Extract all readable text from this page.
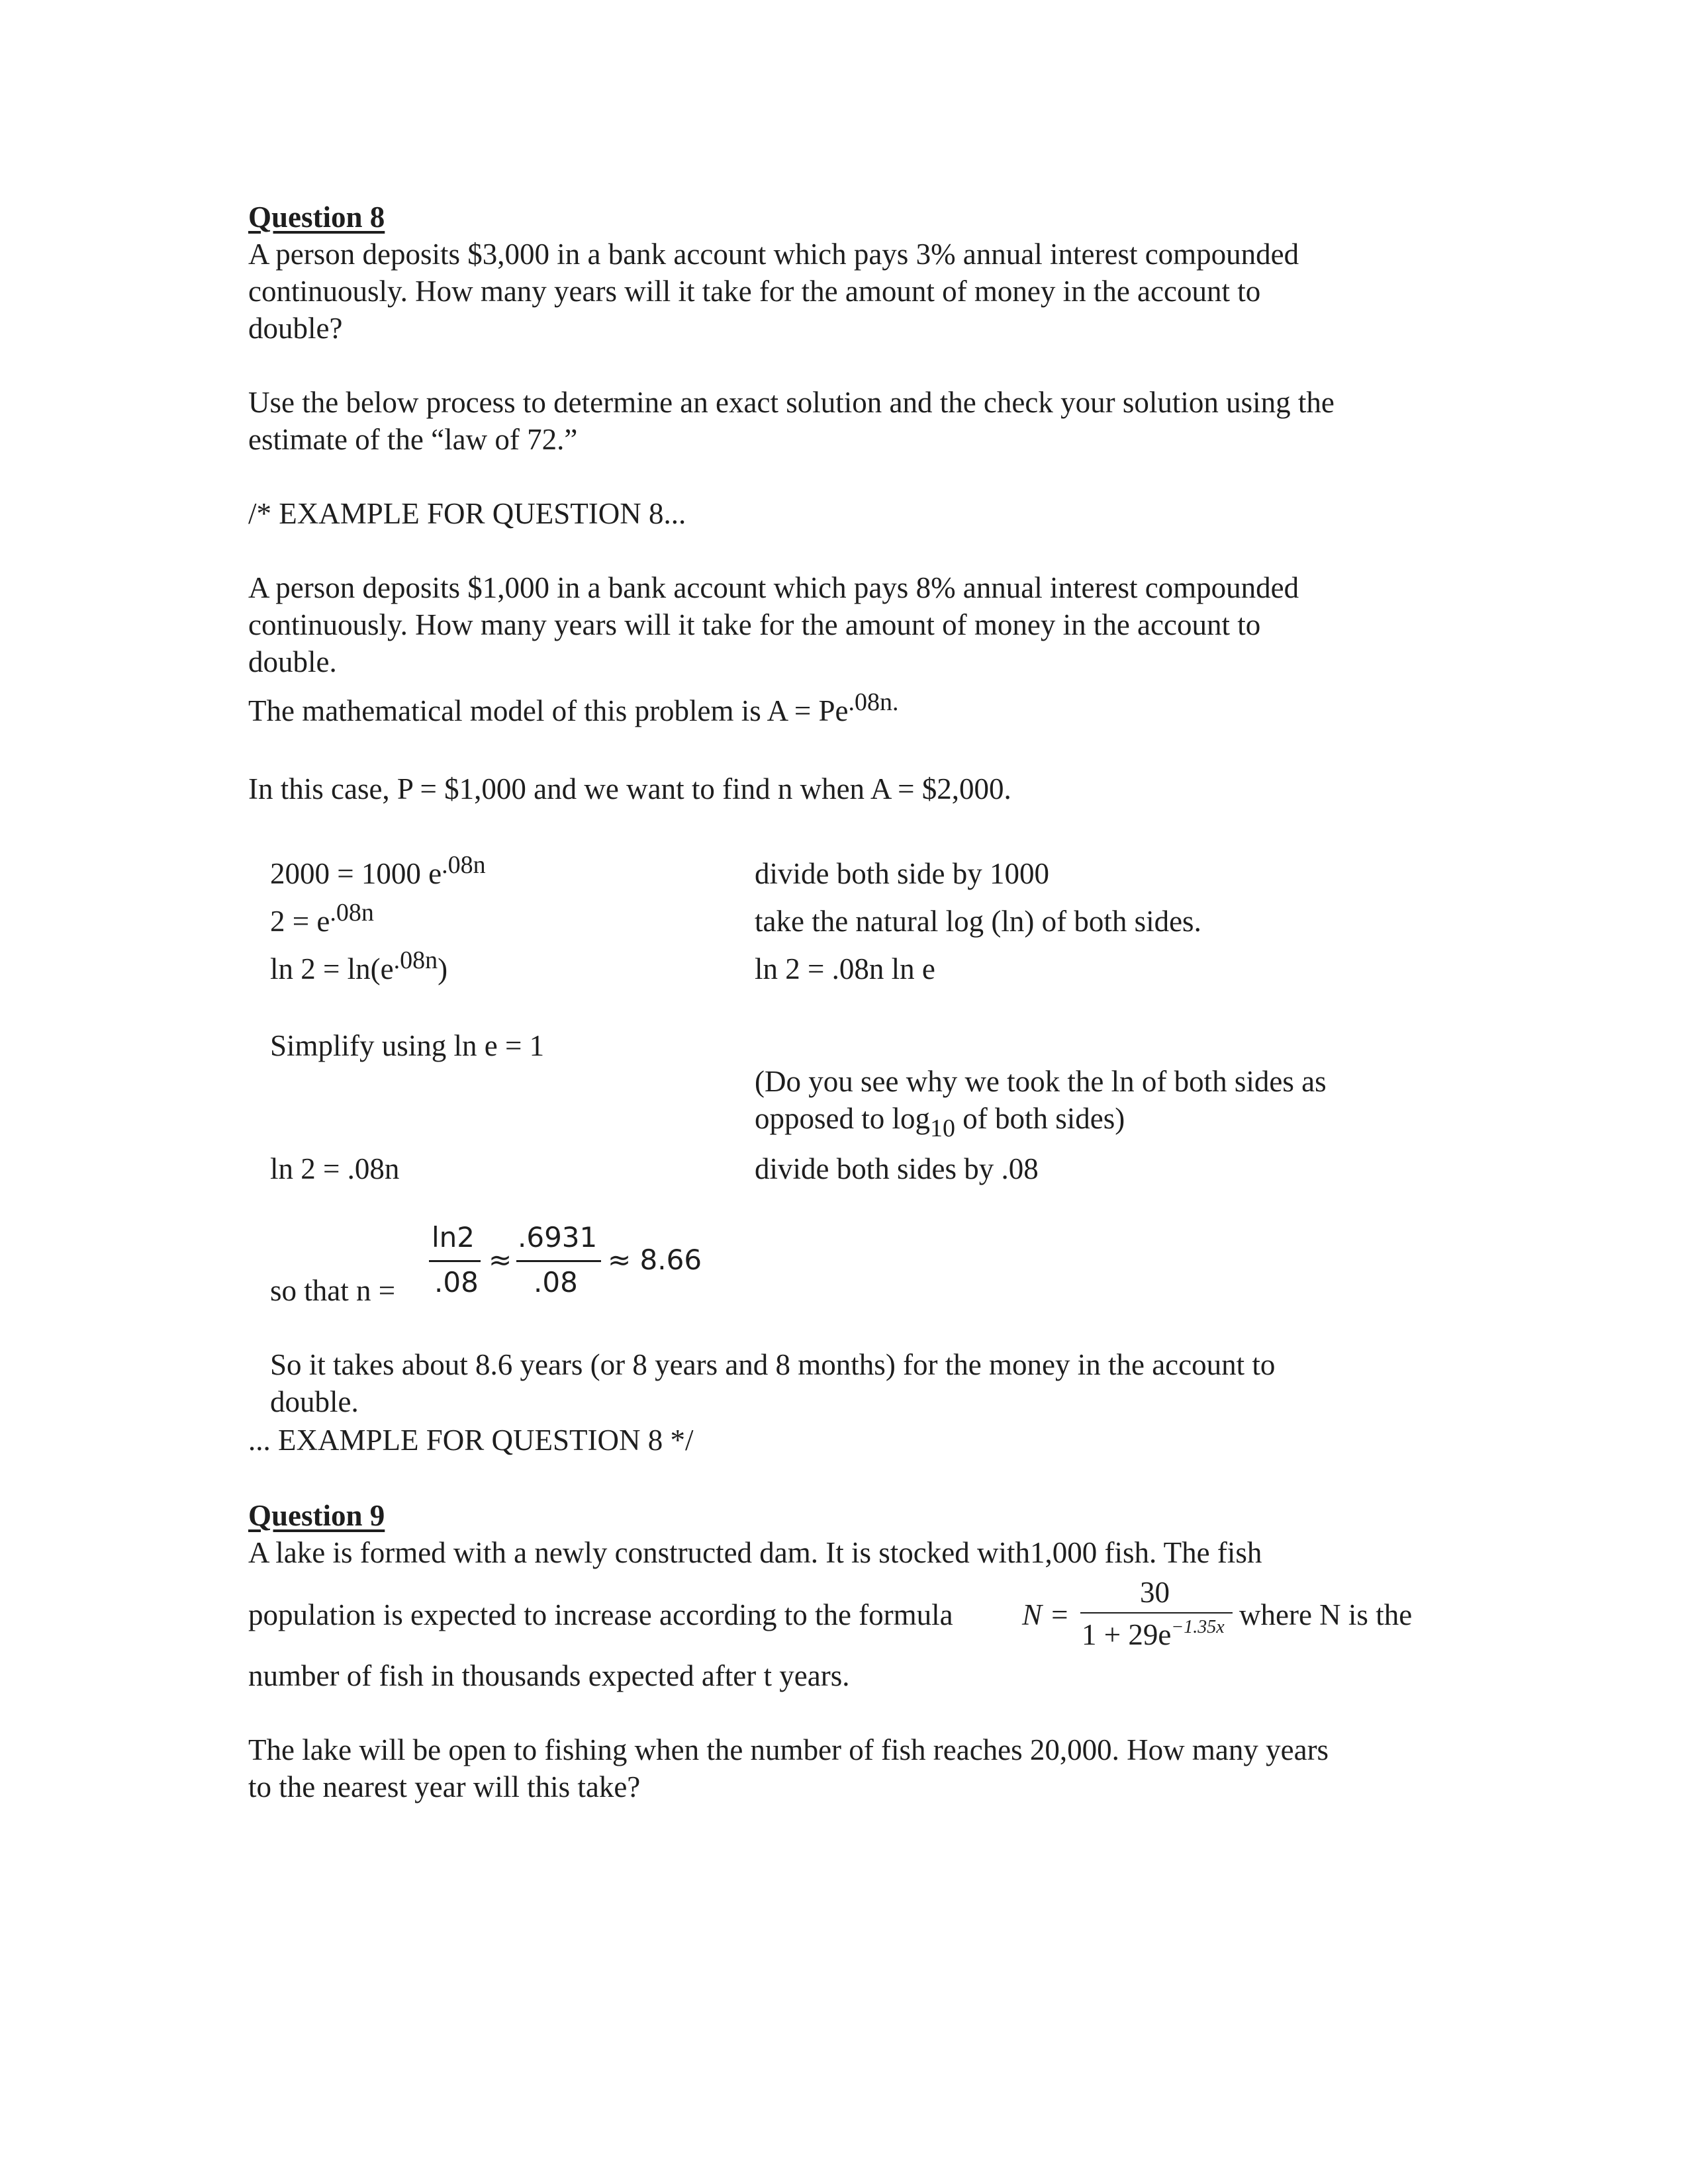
Question 8
A person deposits $3,000 in a bank account which pays 3% annual interest compounded
continuously. How many years will it take for the amount of money in the account to
double?
Use the below process to determine an exact solution and the check your solution using the
estimate of the “law of 72.”
/* EXAMPLE FOR QUESTION 8...
A person deposits $1,000 in a bank account which pays 8% annual interest compounded
continuously. How many years will it take for the amount of money in the account to
double.
The mathematical model of this problem is $A = Pe^{.08n.}$
In this case, P = $1,000 and we want to find n when A = $2,000.
2000 = 1000 $e^{.08n}$	divide both side by 1000
$2 = e^{.08n}$	take the natural log (ln) of both sides.
$\ln 2 = \ln(e^{.08n})$	ln 2 = .08n ln e
Simplify using ln e = 1
(Do you see why we took the ln of both sides as
opposed to $\log_{10}$ of both sides)
ln 2 = .08n	divide both sides by .08
so that n =
ln2
.08
≈
.6931
.08
≈ 8.66
So it takes about 8.6 years (or 8 years and 8 months) for the money in the account to
double.
... EXAMPLE FOR QUESTION 8 */
Question 9
A lake is formed with a newly constructed dam. It is stocked with1,000 fish. The fish
population is expected to increase according to the formula N =
30
$1 + 29e^{-1.35x}$ where N is the
number of fish in thousands expected after t years.
The lake will be open to fishing when the number of fish reaches 20,000. How many years
to the nearest year will this take?
